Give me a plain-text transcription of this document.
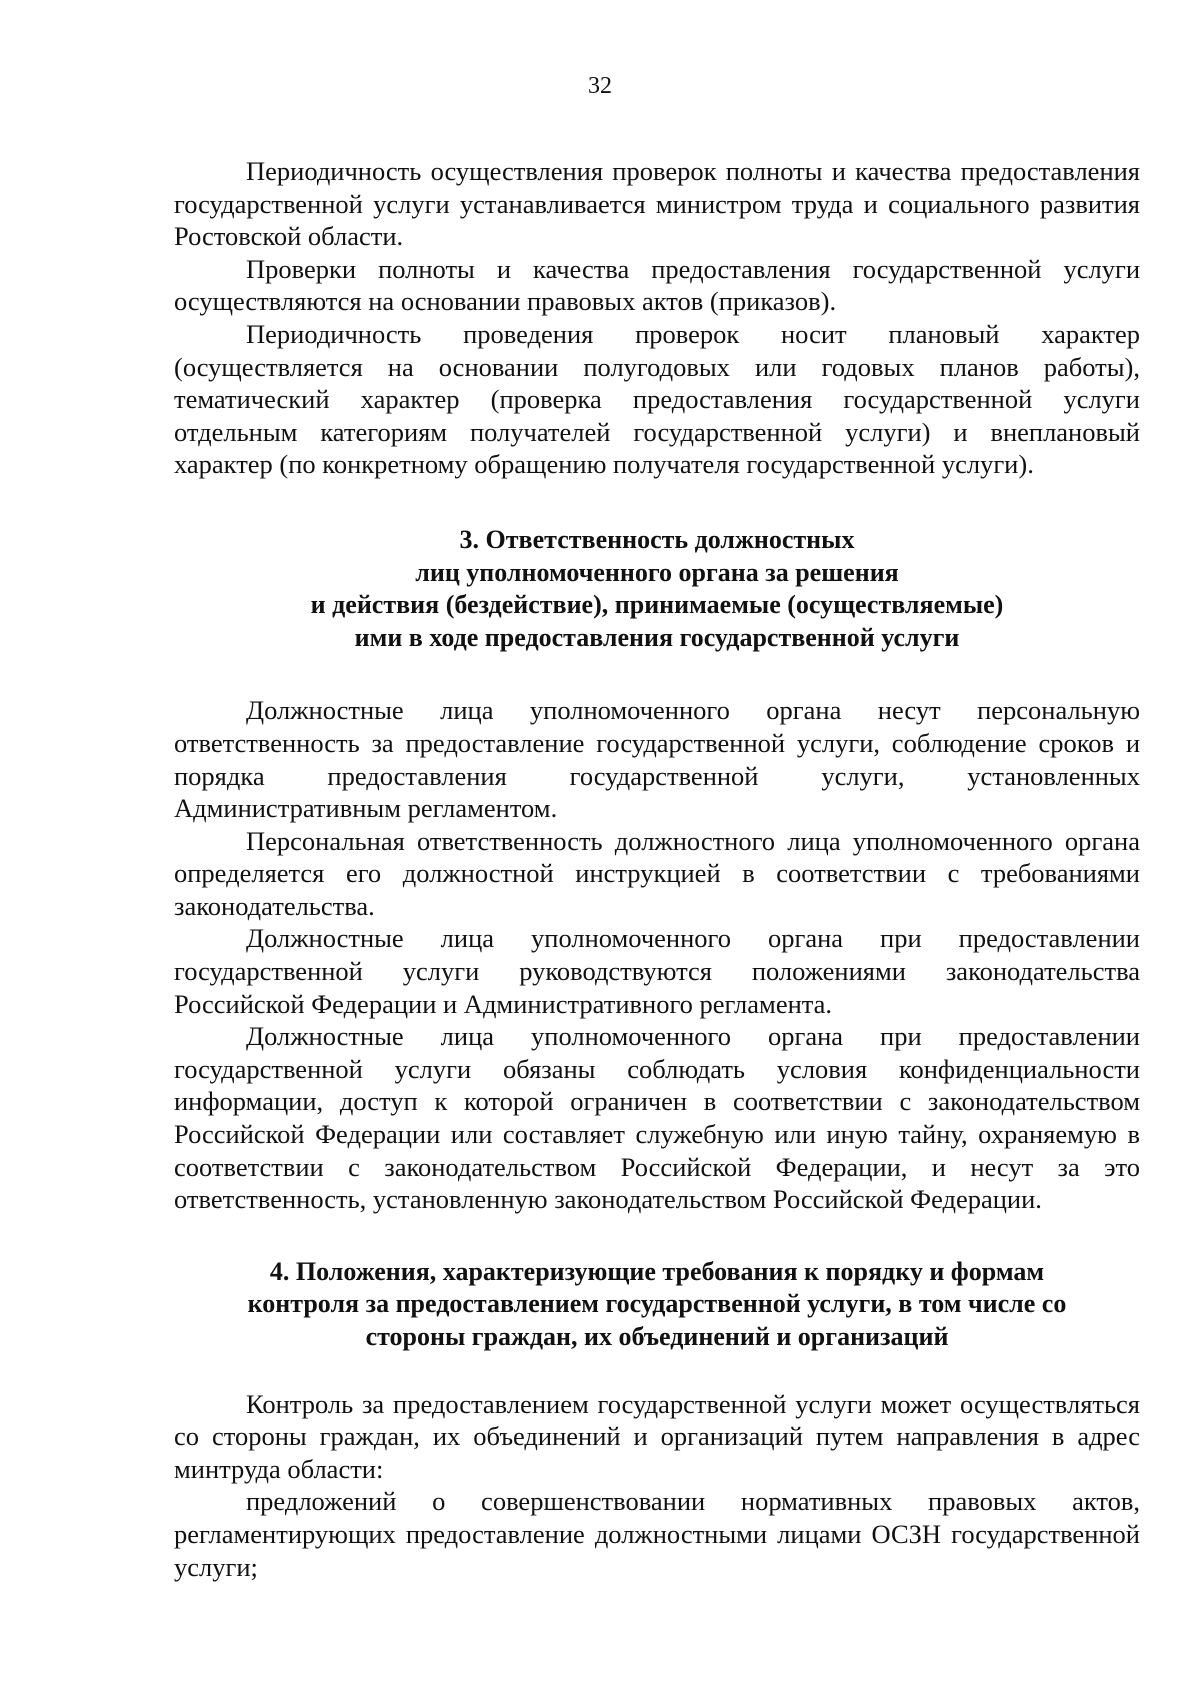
32

Периодичность осуществления проверок полноты и качества предоставления государственной услуги устанавливается министром труда и социального развития Ростовской области.

Проверки полноты и качества предоставления государственной услуги осуществляются на основании правовых актов (приказов).

Периодичность проведения проверок носит плановый характер (осуществляется на основании полугодовых или годовых планов работы), тематический характер (проверка предоставления государственной услуги отдельным категориям получателей государственной услуги) и внеплановый характер (по конкретному обращению получателя государственной услуги).

3. Ответственность должностных
лиц уполномоченного органа за решения
и действия (бездействие), принимаемые (осуществляемые)
ими в ходе предоставления государственной услуги

Должностные лица уполномоченного органа несут персональную ответственность за предоставление государственной услуги, соблюдение сроков и порядка предоставления государственной услуги, установленных Административным регламентом.

Персональная ответственность должностного лица уполномоченного органа определяется его должностной инструкцией в соответствии с требованиями законодательства.

Должностные лица уполномоченного органа при предоставлении государственной услуги руководствуются положениями законодательства Российской Федерации и Административного регламента.

Должностные лица уполномоченного органа при предоставлении государственной услуги обязаны соблюдать условия конфиденциальности информации, доступ к которой ограничен в соответствии с законодательством Российской Федерации или составляет служебную или иную тайну, охраняемую в соответствии с законодательством Российской Федерации, и несут за это ответственность, установленную законодательством Российской Федерации.

4. Положения, характеризующие требования к порядку и формам
контроля за предоставлением государственной услуги, в том числе со
стороны граждан, их объединений и организаций

Контроль за предоставлением государственной услуги может осуществляться со стороны граждан, их объединений и организаций путем направления в адрес минтруда области:

предложений о совершенствовании нормативных правовых актов, регламентирующих предоставление должностными лицами ОСЗН государственной услуги;
